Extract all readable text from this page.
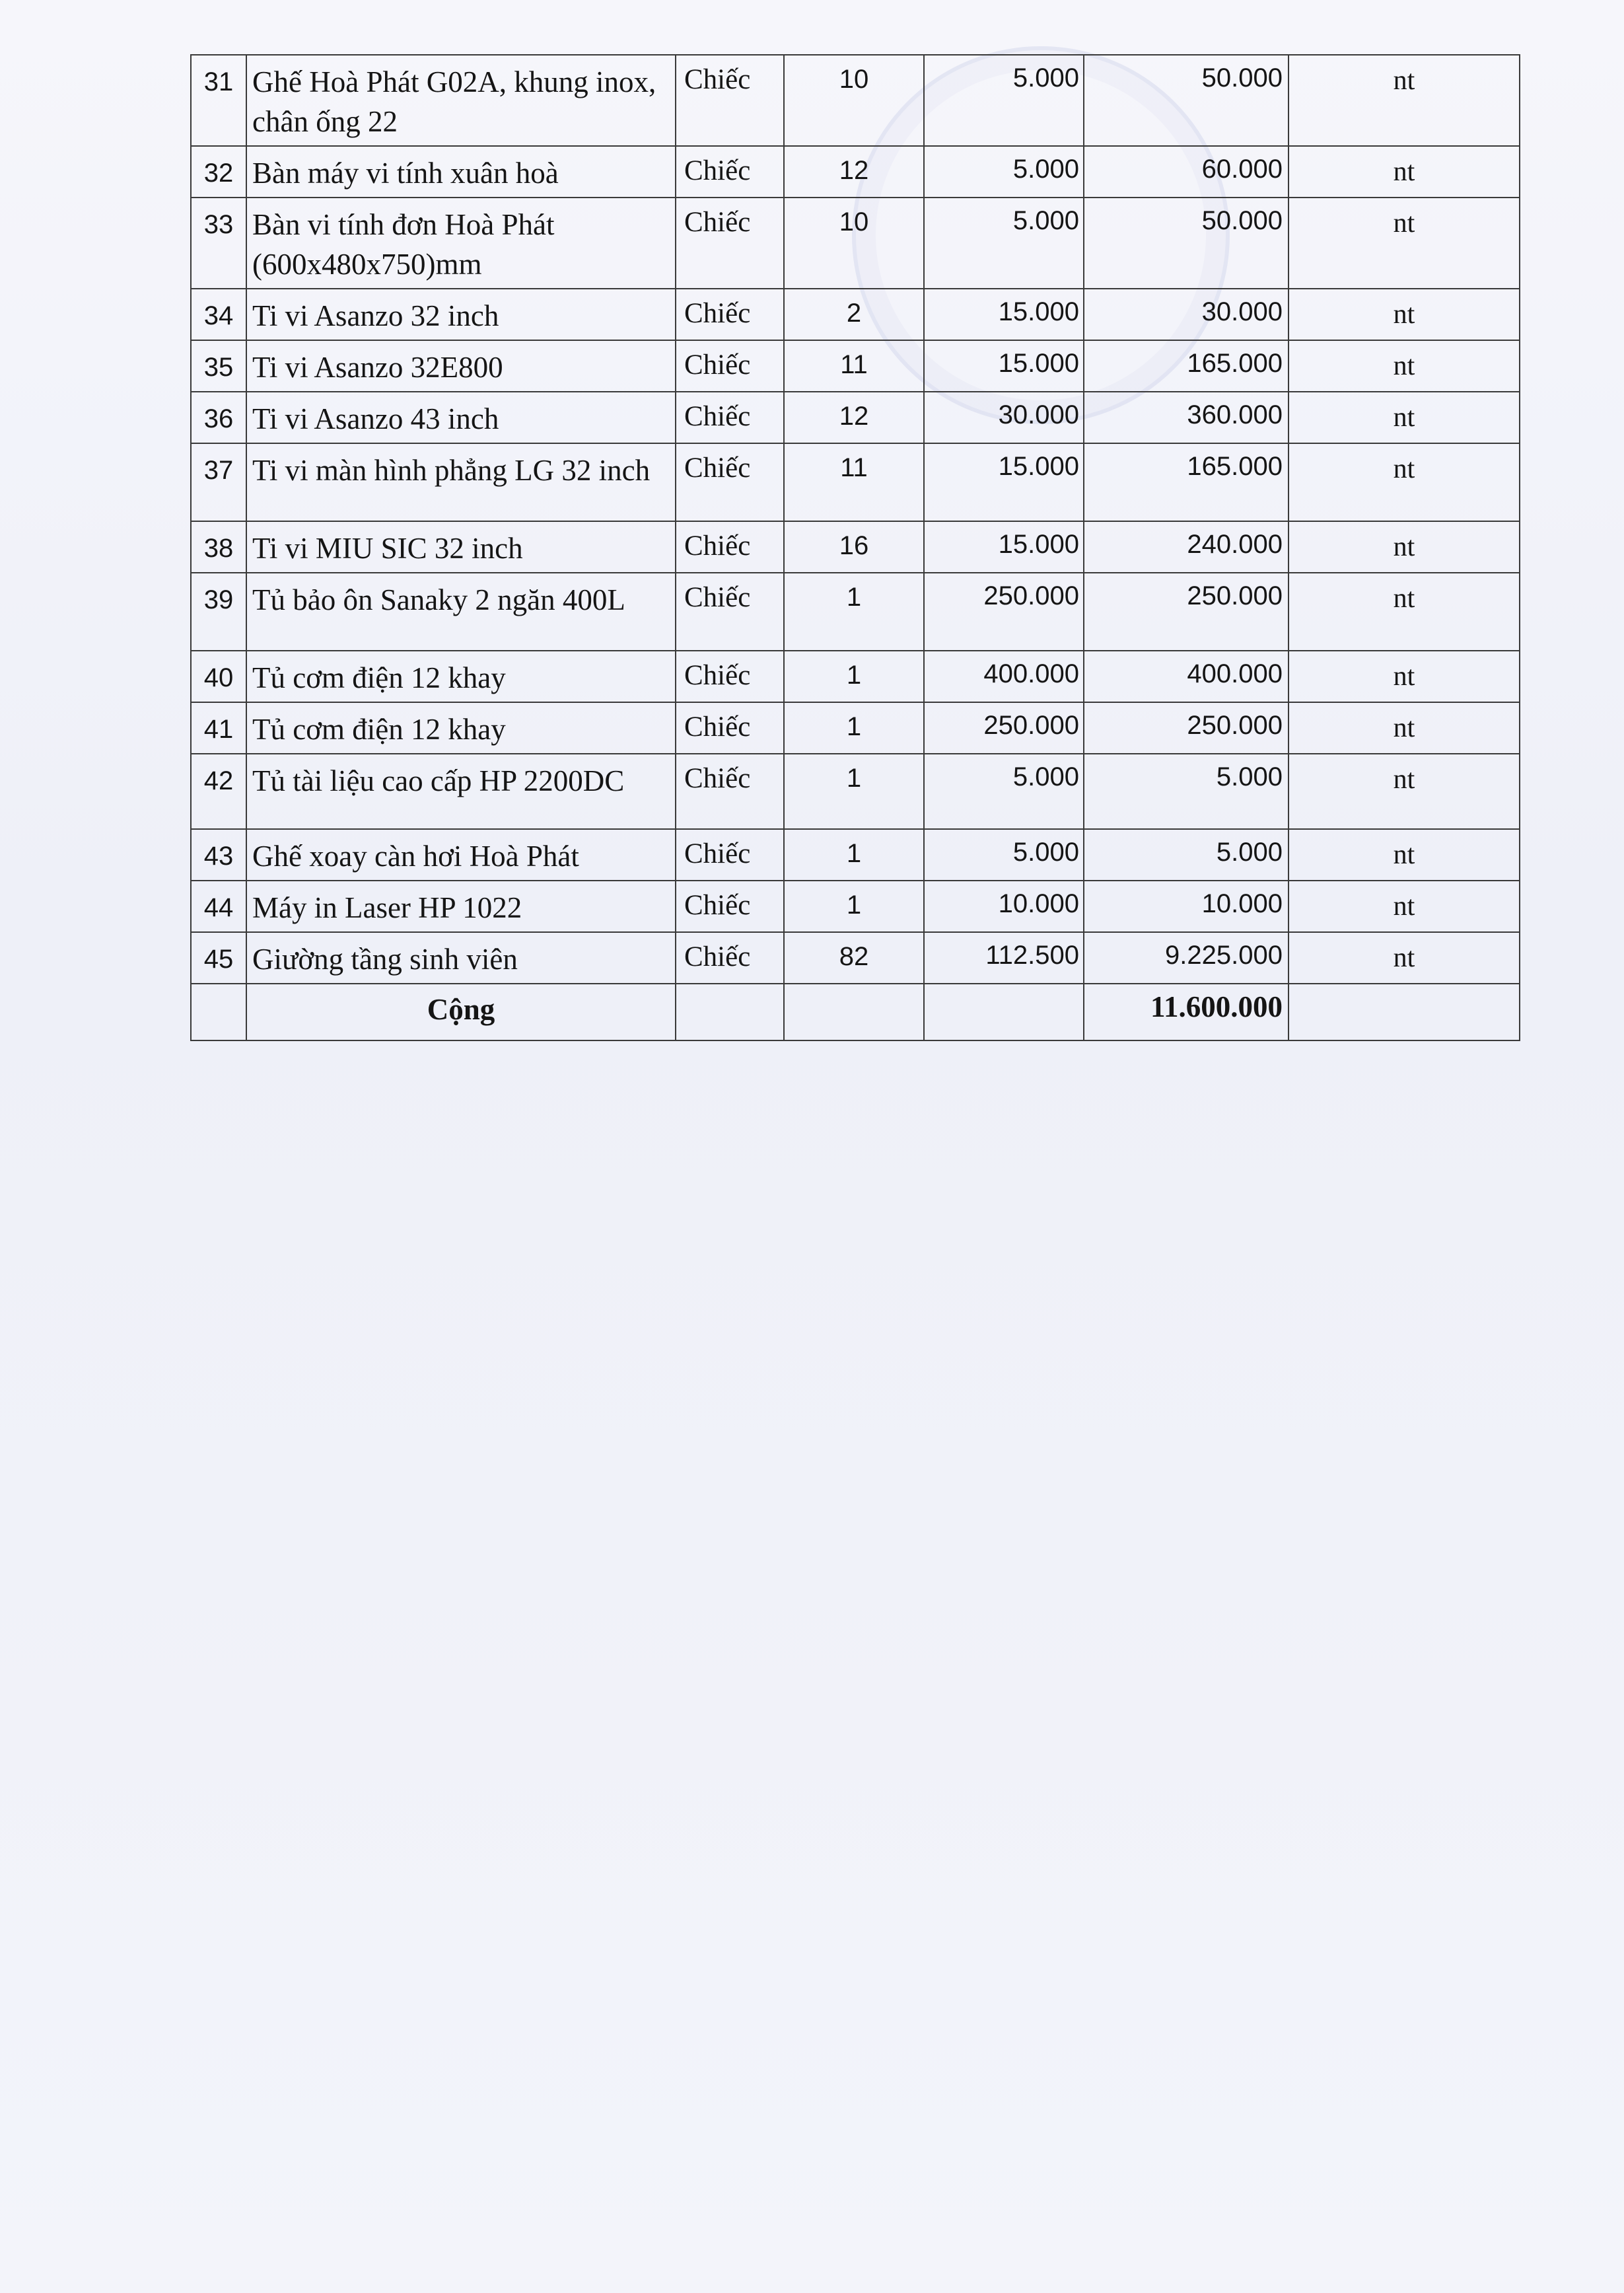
31	Ghế Hoà Phát G02A, khung inox, chân ống 22	Chiếc	10	5.000	50.000	nt
32	Bàn máy vi tính xuân hoà	Chiếc	12	5.000	60.000	nt
33	Bàn vi tính đơn Hoà Phát (600x480x750)mm	Chiếc	10	5.000	50.000	nt
34	Ti vi Asanzo 32 inch	Chiếc	2	15.000	30.000	nt
35	Ti vi Asanzo 32E800	Chiếc	11	15.000	165.000	nt
36	Ti vi Asanzo 43 inch	Chiếc	12	30.000	360.000	nt
37	Ti vi màn hình phẳng LG 32 inch	Chiếc	11	15.000	165.000	nt
38	Ti vi MIU SIC 32 inch	Chiếc	16	15.000	240.000	nt
39	Tủ bảo ôn Sanaky 2 ngăn 400L	Chiếc	1	250.000	250.000	nt
40	Tủ cơm điện 12 khay	Chiếc	1	400.000	400.000	nt
41	Tủ cơm điện 12 khay	Chiếc	1	250.000	250.000	nt
42	Tủ tài liệu cao cấp HP 2200DC	Chiếc	1	5.000	5.000	nt
43	Ghế xoay càn hơi Hoà Phát	Chiếc	1	5.000	5.000	nt
44	Máy in Laser HP 1022	Chiếc	1	10.000	10.000	nt
45	Giường tầng sinh viên	Chiếc	82	112.500	9.225.000	nt
	Cộng				11.600.000	
